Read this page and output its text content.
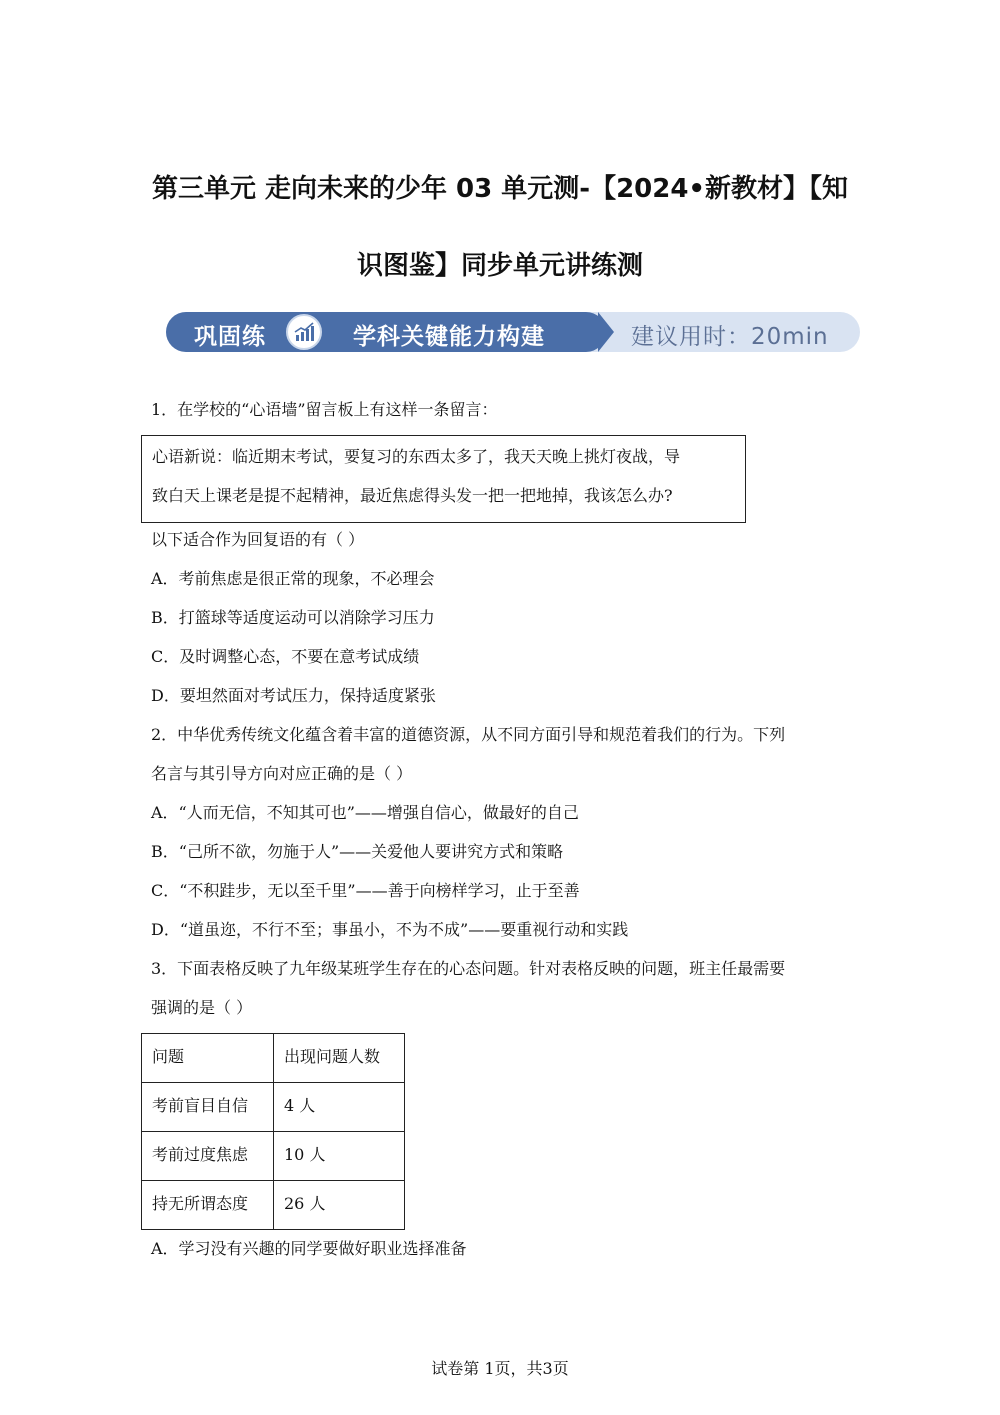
第三单元 走向未来的少年 03 单元测-【2024•新教材】【知
识图鉴】同步单元讲练测
巩固练	学科关键能力构建	建议用时：20min
1．在学校的“心语墙”留言板上有这样一条留言：
心语新说：临近期末考试，要复习的东西太多了，我天天晚上挑灯夜战，导
致白天上课老是提不起精神，最近焦虑得头发一把一把地掉，我该怎么办?
以下适合作为回复语的有（ ）
A．考前焦虑是很正常的现象，不必理会
B．打篮球等适度运动可以消除学习压力
C．及时调整心态，不要在意考试成绩
D．要坦然面对考试压力，保持适度紧张
2．中华优秀传统文化蕴含着丰富的道德资源，从不同方面引导和规范着我们的行为。下列
名言与其引导方向对应正确的是（ ）
A．“人而无信，不知其可也”——增强自信心，做最好的自己
B．“己所不欲，勿施于人”——关爱他人要讲究方式和策略
C．“不积跬步，无以至千里”——善于向榜样学习，止于至善
D．“道虽迩，不行不至；事虽小，不为不成”——要重视行动和实践
3．下面表格反映了九年级某班学生存在的心态问题。针对表格反映的问题，班主任最需要
强调的是（ ）
问题	出现问题人数
考前盲目自信	4 人
考前过度焦虑	10 人
持无所谓态度	26 人
A．学习没有兴趣的同学要做好职业选择准备
试卷第 1页，共3页
